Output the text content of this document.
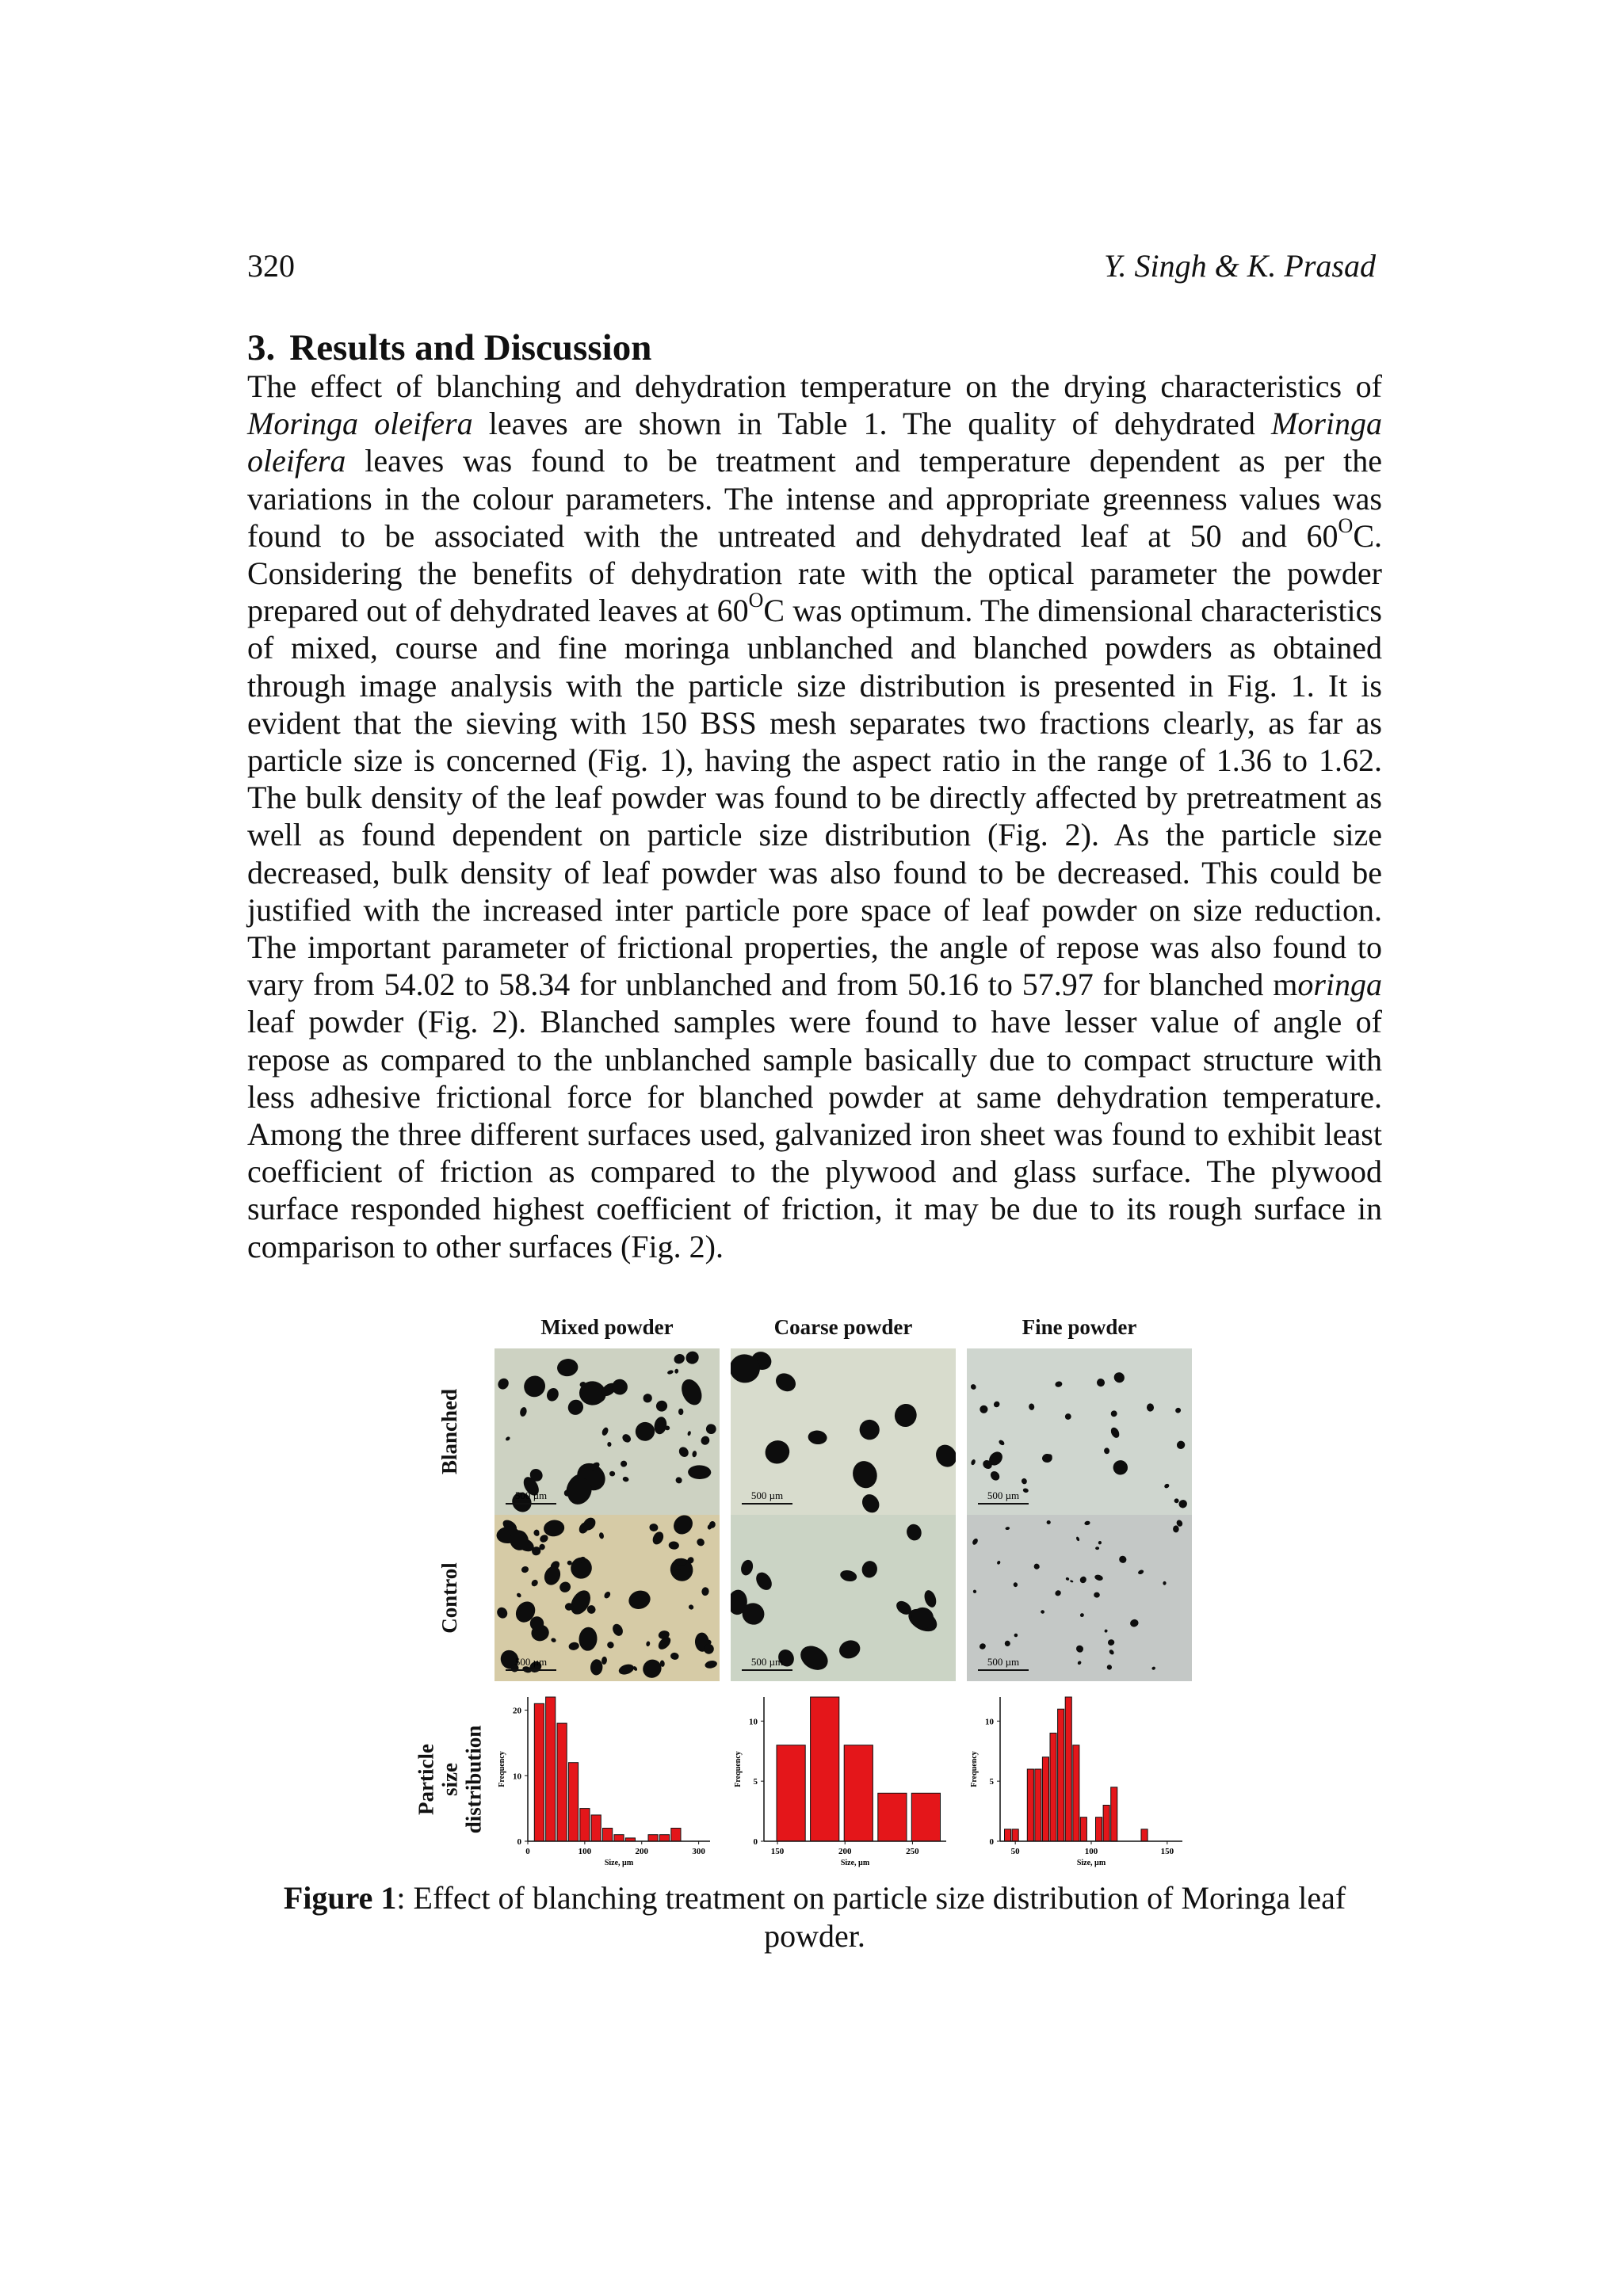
320	Y. Singh & K. Prasad
3. Results and Discussion

The effect of blanching and dehydration temperature on the drying characteristics of Moringa oleifera leaves are shown in Table 1. The quality of dehydrated Moringa oleifera leaves was found to be treatment and temperature dependent as per the variations in the colour parameters. The intense and appropriate greenness values was found to be associated with the untreated and dehydrated leaf at 50 and $60^OC$. Considering the benefits of dehydration rate with the optical parameter the powder prepared out of dehydrated leaves at $60^OC$ was optimum. The dimensional characteristics of mixed, course and fine moringa unblanched and blanched powders as obtained through image analysis with the particle size distribution is presented in Fig. 1. It is evident that the sieving with 150 BSS mesh separates two fractions clearly, as far as particle size is concerned (Fig. 1), having the aspect ratio in the range of 1.36 to 1.62. The bulk density of the leaf powder was found to be directly affected by pretreatment as well as found dependent on particle size distribution (Fig. 2). As the particle size decreased, bulk density of leaf powder was also found to be decreased. This could be justified with the increased inter particle pore space of leaf powder on size reduction. The important parameter of frictional properties, the angle of repose was also found to vary from 54.02 to 58.34 for unblanched and from 50.16 to 57.97 for blanched moringa leaf powder (Fig. 2). Blanched samples were found to have lesser value of angle of repose as compared to the unblanched sample basically due to compact structure with less adhesive frictional force for blanched powder at same dehydration temperature. Among the three different surfaces used, galvanized iron sheet was found to exhibit least coefficient of friction as compared to the plywood and glass surface. The plywood surface responded highest coefficient of friction, it may be due to its rough surface in comparison to other surfaces (Fig. 2).

Mixed powder	Coarse powder	Fine powder
Blanched
Control
Particle size distribution
500 µm	500 µm	500 µm
500 µm	500 µm	500 µm
0	100	200	300
0
10
20
Size, µm
Frequency
150	200	250
0
5
10
Size, µm
Frequency
50	100	150
0
5
10
Size, µm
Frequency
Figure 1: Effect of blanching treatment on particle size distribution of Moringa leaf powder.
